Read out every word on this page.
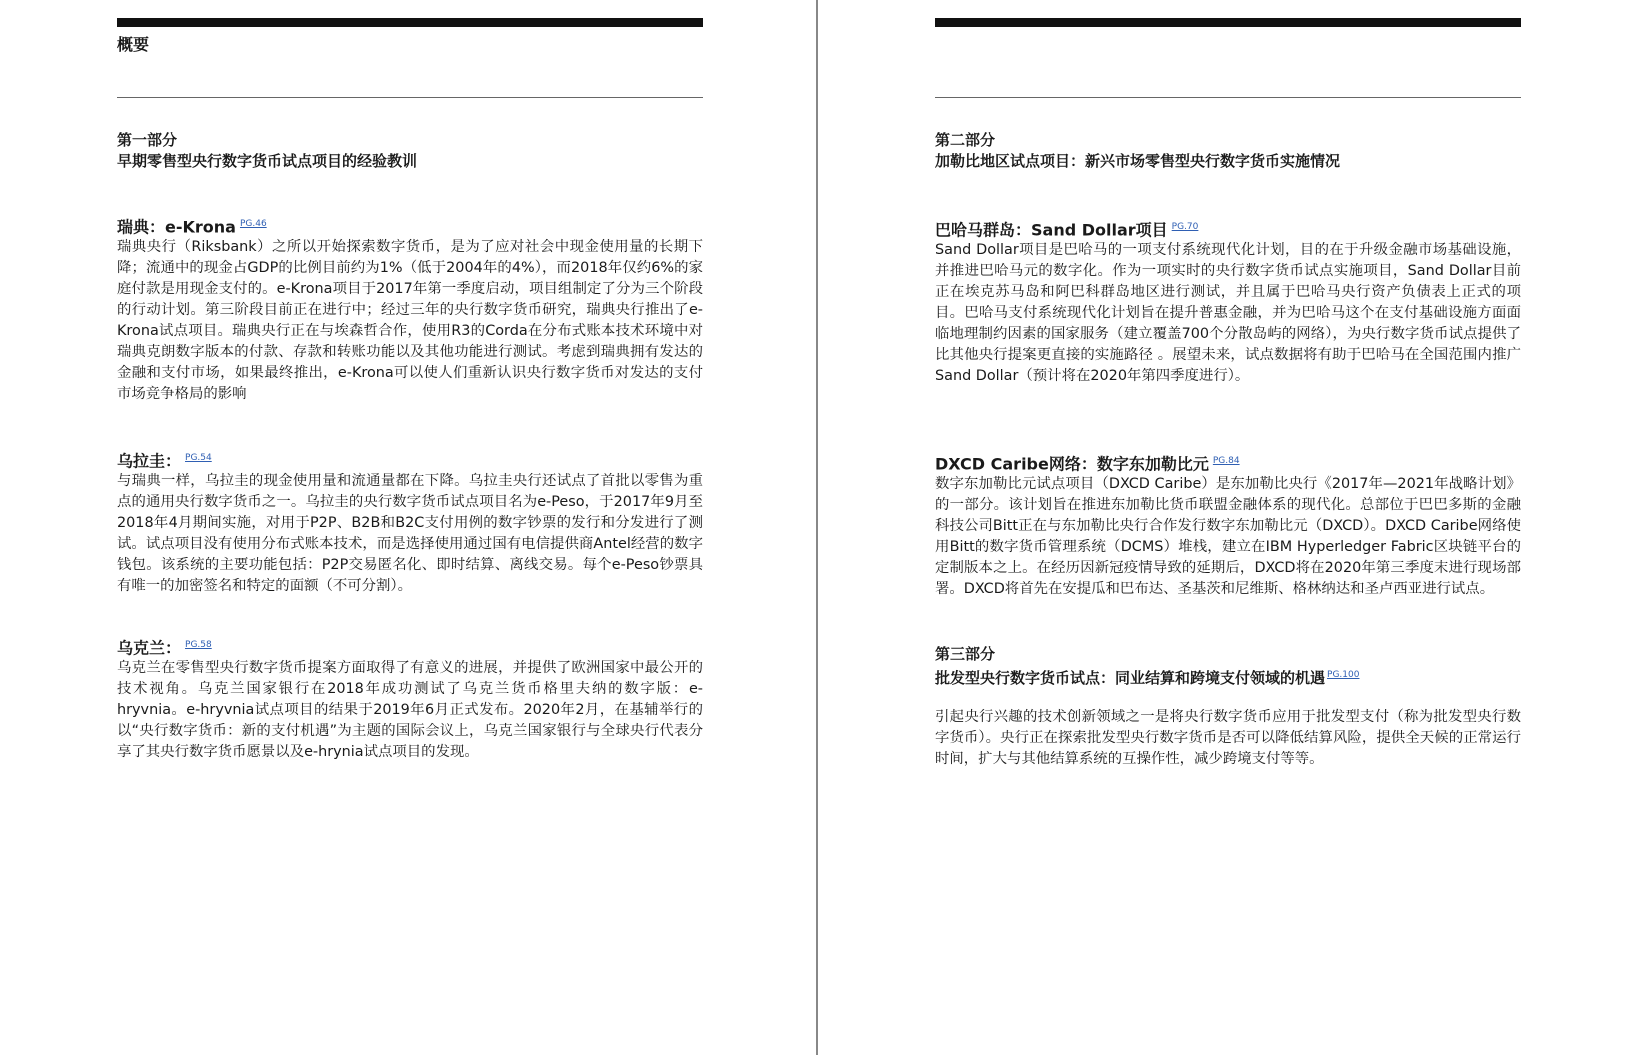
概要
第一部分
早期零售型央行数字货币试点项目的经验教训
瑞典：e-Krona $^{PG.46}$
瑞典央行（Riksbank）之所以开始探索数字货币，是为了应对社会中现金使用量的长期下降；流通中的现金占GDP的比例目前约为1%（低于2004年的4%），而2018年仅约6%的家庭付款是用现金支付的。e-Krona项目于2017年第一季度启动，项目组制定了分为三个阶段的行动计划。第三阶段目前正在进行中；经过三年的央行数字货币研究，瑞典央行推出了e-Krona试点项目。瑞典央行正在与埃森哲合作，使用R3的Corda在分布式账本技术环境中对瑞典克朗数字版本的付款、存款和转账功能以及其他功能进行测试。考虑到瑞典拥有发达的金融和支付市场，如果最终推出，e-Krona可以使人们重新认识央行数字货币对发达的支付市场竞争格局的影响
乌拉圭： $^{PG.54}$
与瑞典一样，乌拉圭的现金使用量和流通量都在下降。乌拉圭央行还试点了首批以零售为重点的通用央行数字货币之一。乌拉圭的央行数字货币试点项目名为e-Peso，于2017年9月至2018年4月期间实施，对用于P2P、B2B和B2C支付用例的数字钞票的发行和分发进行了测试。试点项目没有使用分布式账本技术，而是选择使用通过国有电信提供商Antel经营的数字钱包。该系统的主要功能包括：P2P交易匿名化、即时结算、离线交易。每个e-Peso钞票具有唯一的加密签名和特定的面额（不可分割）。
乌克兰： $^{PG.58}$
乌克兰在零售型央行数字货币提案方面取得了有意义的进展，并提供了欧洲国家中最公开的技术视角。乌克兰国家银行在2018年成功测试了乌克兰货币格里夫纳的数字版：e-hryvnia。e-hryvnia试点项目的结果于2019年6月正式发布。2020年2月，在基辅举行的以“央行数字货币：新的支付机遇”为主题的国际会议上，乌克兰国家银行与全球央行代表分享了其央行数字货币愿景以及e-hrynia试点项目的发现。
第二部分
加勒比地区试点项目：新兴市场零售型央行数字货币实施情况
巴哈马群岛：Sand Dollar项目 $^{PG.70}$
Sand Dollar项目是巴哈马的一项支付系统现代化计划，目的在于升级金融市场基础设施，并推进巴哈马元的数字化。作为一项实时的央行数字货币试点实施项目，Sand Dollar目前正在埃克苏马岛和阿巴科群岛地区进行测试，并且属于巴哈马央行资产负债表上正式的项目。巴哈马支付系统现代化计划旨在提升普惠金融，并为巴哈马这个在支付基础设施方面面临地理制约因素的国家服务（建立覆盖700个分散岛屿的网络），为央行数字货币试点提供了比其他央行提案更直接的实施路径 。展望未来，试点数据将有助于巴哈马在全国范围内推广Sand Dollar（预计将在2020年第四季度进行）。
DXCD Caribe网络：数字东加勒比元 $^{PG.84}$
数字东加勒比元试点项目（DXCD Caribe）是东加勒比央行《2017年—2021年战略计划》的一部分。该计划旨在推进东加勒比货币联盟金融体系的现代化。总部位于巴巴多斯的金融科技公司Bitt正在与东加勒比央行合作发行数字东加勒比元（DXCD）。DXCD Caribe网络使用Bitt的数字货币管理系统（DCMS）堆栈，建立在IBM Hyperledger Fabric区块链平台的定制版本之上。在经历因新冠疫情导致的延期后，DXCD将在2020年第三季度末进行现场部署。DXCD将首先在安提瓜和巴布达、圣基茨和尼维斯、格林纳达和圣卢西亚进行试点。
第三部分
批发型央行数字货币试点：同业结算和跨境支付领域的机遇 $^{PG.100}$
引起央行兴趣的技术创新领域之一是将央行数字货币应用于批发型支付（称为批发型央行数字货币）。央行正在探索批发型央行数字货币是否可以降低结算风险，提供全天候的正常运行时间，扩大与其他结算系统的互操作性，减少跨境支付等等。
